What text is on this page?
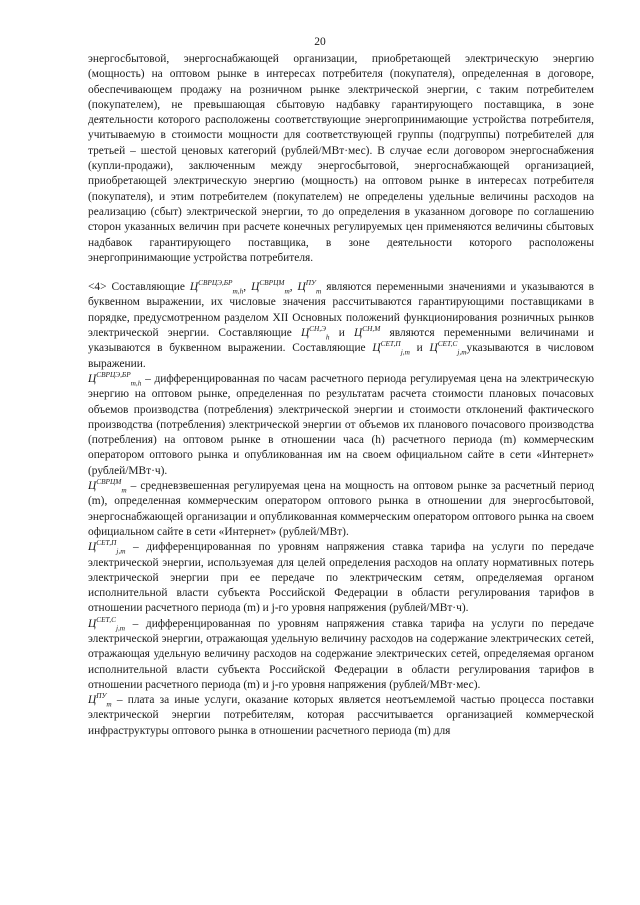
20

энергосбытовой, энергоснабжающей организации, приобретающей электрическую энергию (мощность) на оптовом рынке в интересах потребителя (покупателя), определенная в договоре, обеспечивающем продажу на розничном рынке электрической энергии, с таким потребителем (покупателем), не превышающая сбытовую надбавку гарантирующего поставщика, в зоне деятельности которого расположены соответствующие энергопринимающие устройства потребителя, учитываемую в стоимости мощности для соответствующей группы (подгруппы) потребителей для третьей – шестой ценовых категорий (рублей/МВт·мес). В случае если договором энергоснабжения (купли-продажи), заключенным между энергосбытовой, энергоснабжающей организацией, приобретающей электрическую энергию (мощность) на оптовом рынке в интересах потребителя (покупателя), и этим потребителем (покупателем) не определены удельные величины расходов на реализацию (сбыт) электрической энергии, то до определения в указанном договоре по соглашению сторон указанных величин при расчете конечных регулируемых цен применяются величины сбытовых надбавок гарантирующего поставщика, в зоне деятельности которого расположены энергопринимающие устройства потребителя.

<4> Составляющие $Ц^{СВРЦЭ,БР}_{m,h}$, $Ц^{СВРЦМ}_m$, $Ц^{ПУ}_m$ являются переменными значениями и указываются в буквенном выражении, их числовые значения рассчитываются гарантирующими поставщиками в порядке, предусмотренном разделом XII Основных положений функционирования розничных рынков электрической энергии. Составляющие $Ц^{СН,Э}_h$ и $Ц^{СН,М}$ являются переменными величинами и указываются в буквенном выражении. Составляющие $Ц^{СЕТ,П}_{j,m}$ и $Ц^{СЕТ,С}_{j,m}указываются$ в числовом выражении.

$Ц^{СВРЦЭ,БР}_{m,h}$ – дифференцированная по часам расчетного периода регулируемая цена на электрическую энергию на оптовом рынке, определенная по результатам расчета стоимости плановых почасовых объемов производства (потребления) электрической энергии и стоимости отклонений фактического производства (потребления) электрической энергии от объемов их планового почасового производства (потребления) на оптовом рынке в отношении часа (h) расчетного периода (m) коммерческим оператором оптового рынка и опубликованная им на своем официальном сайте в сети «Интернет» (рублей/МВт·ч).

$Ц^{СВРЦМ}_m$ – средневзвешенная регулируемая цена на мощность на оптовом рынке за расчетный период (m), определенная коммерческим оператором оптового рынка в отношении для энергосбытовой, энергоснабжающей организации и опубликованная коммерческим оператором оптового рынка на своем официальном сайте в сети «Интернет» (рублей/МВт).

$Ц^{СЕТ,П}_{j,m}$ – дифференцированная по уровням напряжения ставка тарифа на услуги по передаче электрической энергии, используемая для целей определения расходов на оплату нормативных потерь электрической энергии при ее передаче по электрическим сетям, определяемая органом исполнительной власти субъекта Российской Федерации в области регулирования тарифов в отношении расчетного периода (m) и j-го уровня напряжения (рублей/МВт·ч).

$Ц^{СЕТ,С}_{j,m}$ – дифференцированная по уровням напряжения ставка тарифа на услуги по передаче электрической энергии, отражающая удельную величину расходов на содержание электрических сетей, отражающая удельную величину расходов на содержание электрических сетей, определяемая органом исполнительной власти субъекта Российской Федерации в области регулирования тарифов в отношении расчетного периода (m) и j-го уровня напряжения (рублей/МВт·мес).

$Ц^{ПУ}_m$ – плата за иные услуги, оказание которых является неотъемлемой частью процесса поставки электрической энергии потребителям, которая рассчитывается организацией коммерческой инфраструктуры оптового рынка в отношении расчетного периода (m) для
